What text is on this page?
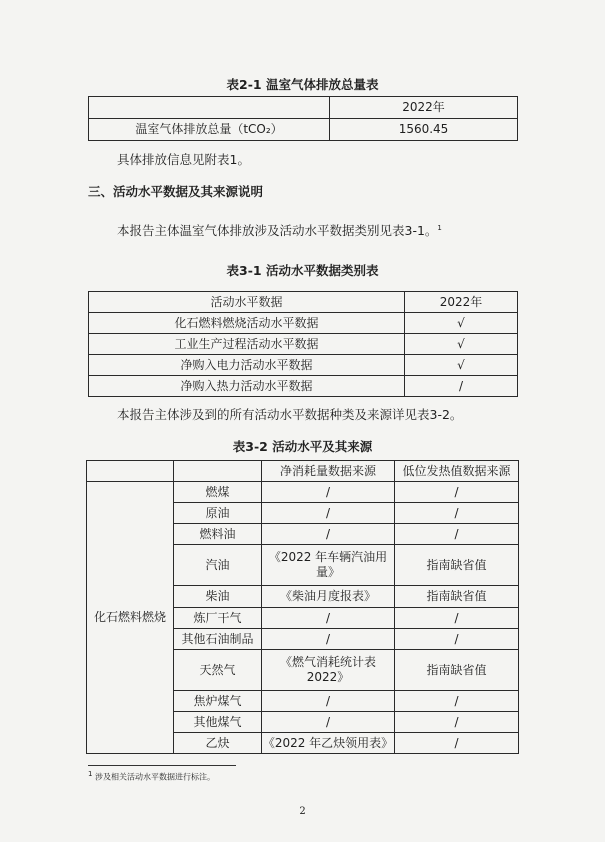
表2-1 温室气体排放总量表
	2022年
温室气体排放总量（tCO₂）	1560.45
具体排放信息见附表1。
三、活动水平数据及其来源说明
本报告主体温室气体排放涉及活动水平数据类别见表3-1。$^1$
表3-1 活动水平数据类别表
活动水平数据	2022年
化石燃料燃烧活动水平数据	√
工业生产过程活动水平数据	√
净购入电力活动水平数据	√
净购入热力活动水平数据	/
本报告主体涉及到的所有活动水平数据种类及来源详见表3-2。
表3-2 活动水平及其来源
		净消耗量数据来源	低位发热值数据来源
化石燃料燃烧	燃煤	/	/
	原油	/	/
	燃料油	/	/
	汽油	《2022 年车辆汽油用量》	指南缺省值
	柴油	《柴油月度报表》	指南缺省值
	炼厂干气	/	/
	其他石油制品	/	/
	天然气	《燃气消耗统计表 2022》	指南缺省值
	焦炉煤气	/	/
	其他煤气	/	/
	乙炔	《2022 年乙炔领用表》	/
1 涉及相关活动水平数据进行标注。
2
